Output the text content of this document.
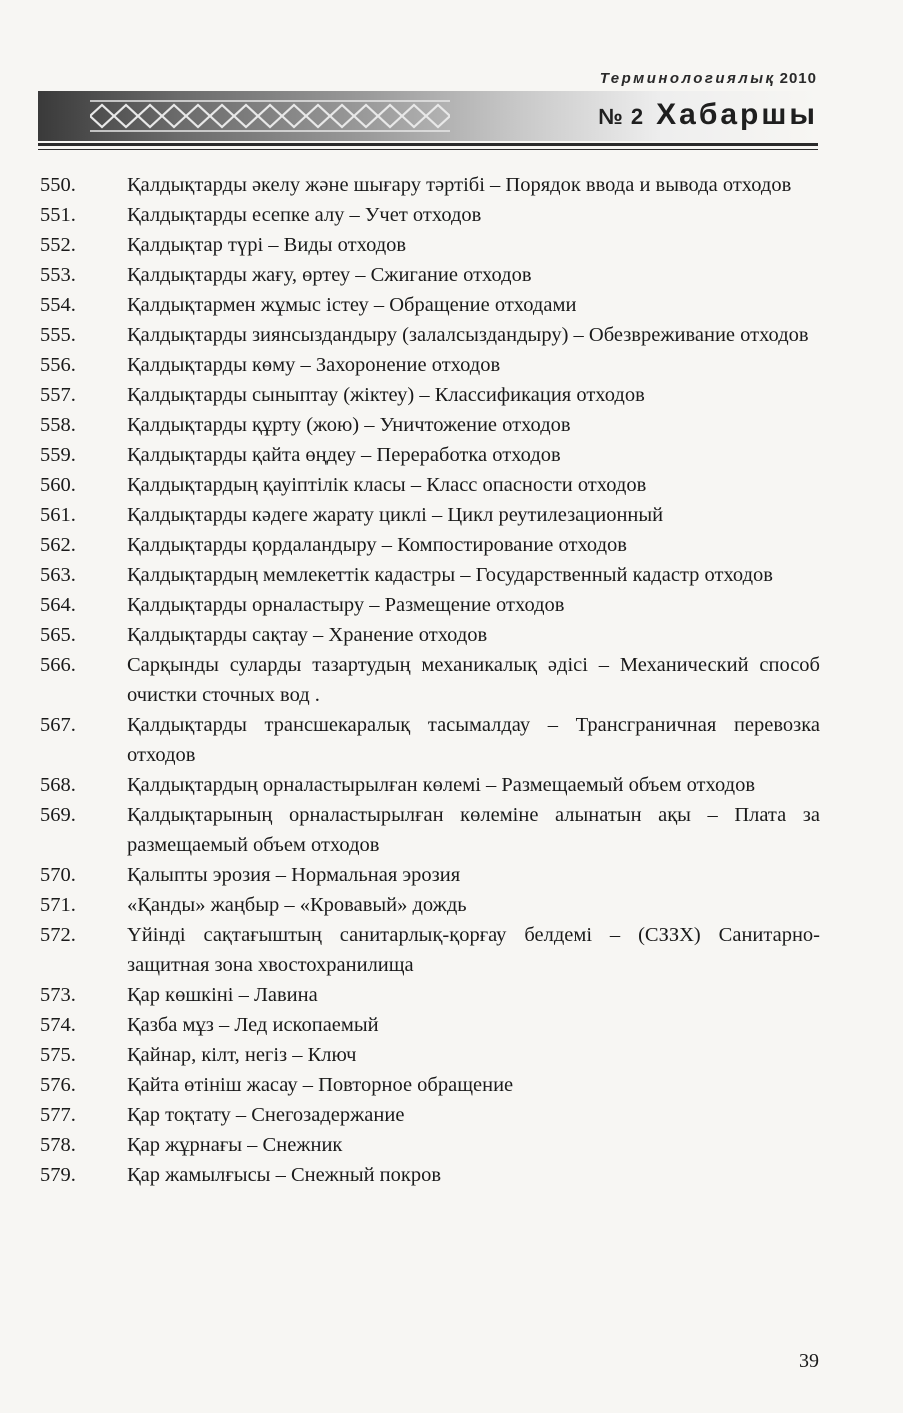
Терминологиялық 2010
№ 2 Хабаршы
550.	Қалдықтарды әкелу және шығару тәртібі – Порядок ввода и вывода отходов
551.	Қалдықтарды есепке алу – Учет отходов
552.	Қалдықтар түрі – Виды отходов
553.	Қалдықтарды жағу, өртеу – Сжигание отходов
554.	Қалдықтармен жұмыс істеу – Обращение отходами
555.	Қалдықтарды зиянсыздандыру (залалсыздандыру) – Обезвреживание отходов
556.	Қалдықтарды көму – Захоронение отходов
557.	Қалдықтарды сыныптау (жіктеу) – Классификация отходов
558.	Қалдықтарды құрту (жою) – Уничтожение отходов
559.	Қалдықтарды қайта өңдеу – Переработка отходов
560.	Қалдықтардың қауіптілік класы – Класс опасности отходов
561.	Қалдықтарды кәдеге жарату циклі – Цикл реутилезационный
562.	Қалдықтарды қордаландыру – Компостирование отходов
563.	Қалдықтардың мемлекеттік кадастры – Государственный кадастр отходов
564.	Қалдықтарды орналастыру – Размещение отходов
565.	Қалдықтарды сақтау – Хранение отходов
566.	Сарқынды суларды тазартудың механикалық әдісі – Механический способ очистки сточных вод .
567.	Қалдықтарды трансшекаралық тасымалдау – Трансграничная перевозка отходов
568.	Қалдықтардың орналастырылған көлемі – Размещаемый объем отходов
569.	Қалдықтарының орналастырылған көлеміне алынатын ақы – Плата за размещаемый объем отходов
570.	Қалыпты эрозия – Нормальная эрозия
571.	«Қанды» жаңбыр – «Кровавый» дождь
572.	Үйінді сақтағыштың санитарлық-қорғау белдемі – (СЗЗХ) Санитарно-защитная зона хвостохранилища
573.	Қар көшкіні – Лавина
574.	Қазба мұз – Лед ископаемый
575.	Қайнар, кілт, негіз – Ключ
576.	Қайта өтініш жасау – Повторное обращение
577.	Қар тоқтату – Снегозадержание
578.	Қар жұрнағы – Снежник
579.	Қар жамылғысы – Снежный покров
39
